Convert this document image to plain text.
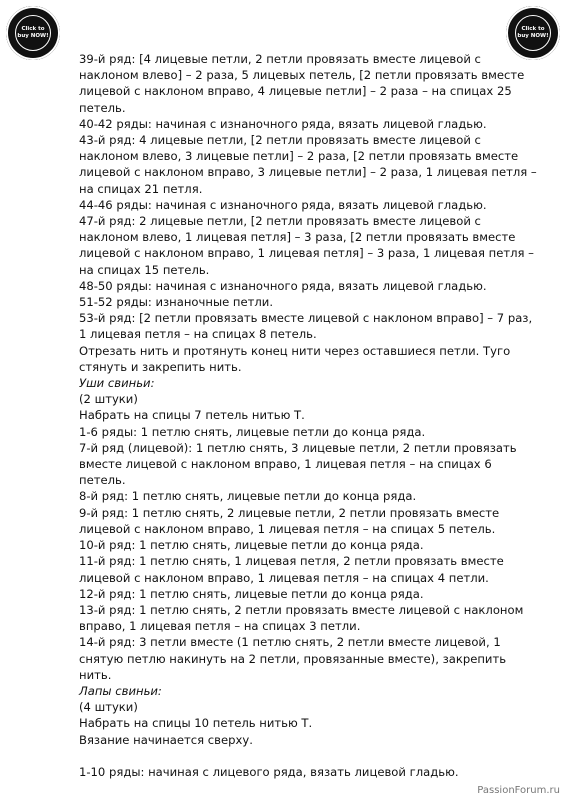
Click to buy NOW!
Click to buy NOW!

39-й ряд: [4 лицевые петли, 2 петли провязать вместе лицевой с наклоном влево] – 2 раза, 5 лицевых петель, [2 петли провязать вместе лицевой с наклоном вправо, 4 лицевые петли] – 2 раза – на спицах 25 петель.

40-42 ряды: начиная с изнаночного ряда, вязать лицевой гладью.

43-й ряд: 4 лицевые петли, [2 петли провязать вместе лицевой с наклоном влево, 3 лицевые петли] – 2 раза, [2 петли провязать вместе лицевой с наклоном вправо, 3 лицевые петли] – 2 раза, 1 лицевая петля – на спицах 21 петля.

44-46 ряды: начиная с изнаночного ряда, вязать лицевой гладью.

47-й ряд: 2 лицевые петли, [2 петли провязать вместе лицевой с наклоном влево, 1 лицевая петля] – 3 раза, [2 петли провязать вместе лицевой с наклоном вправо, 1 лицевая петля] – 3 раза, 1 лицевая петля – на спицах 15 петель.

48-50 ряды: начиная с изнаночного ряда, вязать лицевой гладью.

51-52 ряды: изнаночные петли.

53-й ряд: [2 петли провязать вместе лицевой с наклоном вправо] – 7 раз, 1 лицевая петля – на спицах 8 петель.

Отрезать нить и протянуть конец нити через оставшиеся петли. Туго стянуть и закрепить нить.

Уши свиньи:

(2 штуки)

Набрать на спицы 7 петель нитью Т.

1-6 ряды: 1 петлю снять, лицевые петли до конца ряда.

7-й ряд (лицевой): 1 петлю снять, 3 лицевые петли, 2 петли провязать вместе лицевой с наклоном вправо, 1 лицевая петля – на спицах 6 петель.

8-й ряд: 1 петлю снять, лицевые петли до конца ряда.

9-й ряд: 1 петлю снять, 2 лицевые петли, 2 петли провязать вместе лицевой с наклоном вправо, 1 лицевая петля – на спицах 5 петель.

10-й ряд: 1 петлю снять, лицевые петли до конца ряда.

11-й ряд: 1 петлю снять, 1 лицевая петля, 2 петли провязать вместе лицевой с наклоном вправо, 1 лицевая петля – на спицах 4 петли.

12-й ряд: 1 петлю снять, лицевые петли до конца ряда.

13-й ряд: 1 петлю снять, 2 петли провязать вместе лицевой с наклоном вправо, 1 лицевая петля – на спицах 3 петли.

14-й ряд: 3 петли вместе (1 петлю снять, 2 петли вместе лицевой, 1 снятую петлю накинуть на 2 петли, провязанные вместе), закрепить нить.

Лапы свиньи:

(4 штуки)

Набрать на спицы 10 петель нитью Т.

Вязание начинается сверху.

1-10 ряды: начиная с лицевого ряда, вязать лицевой гладью.

PassionForum.ru
